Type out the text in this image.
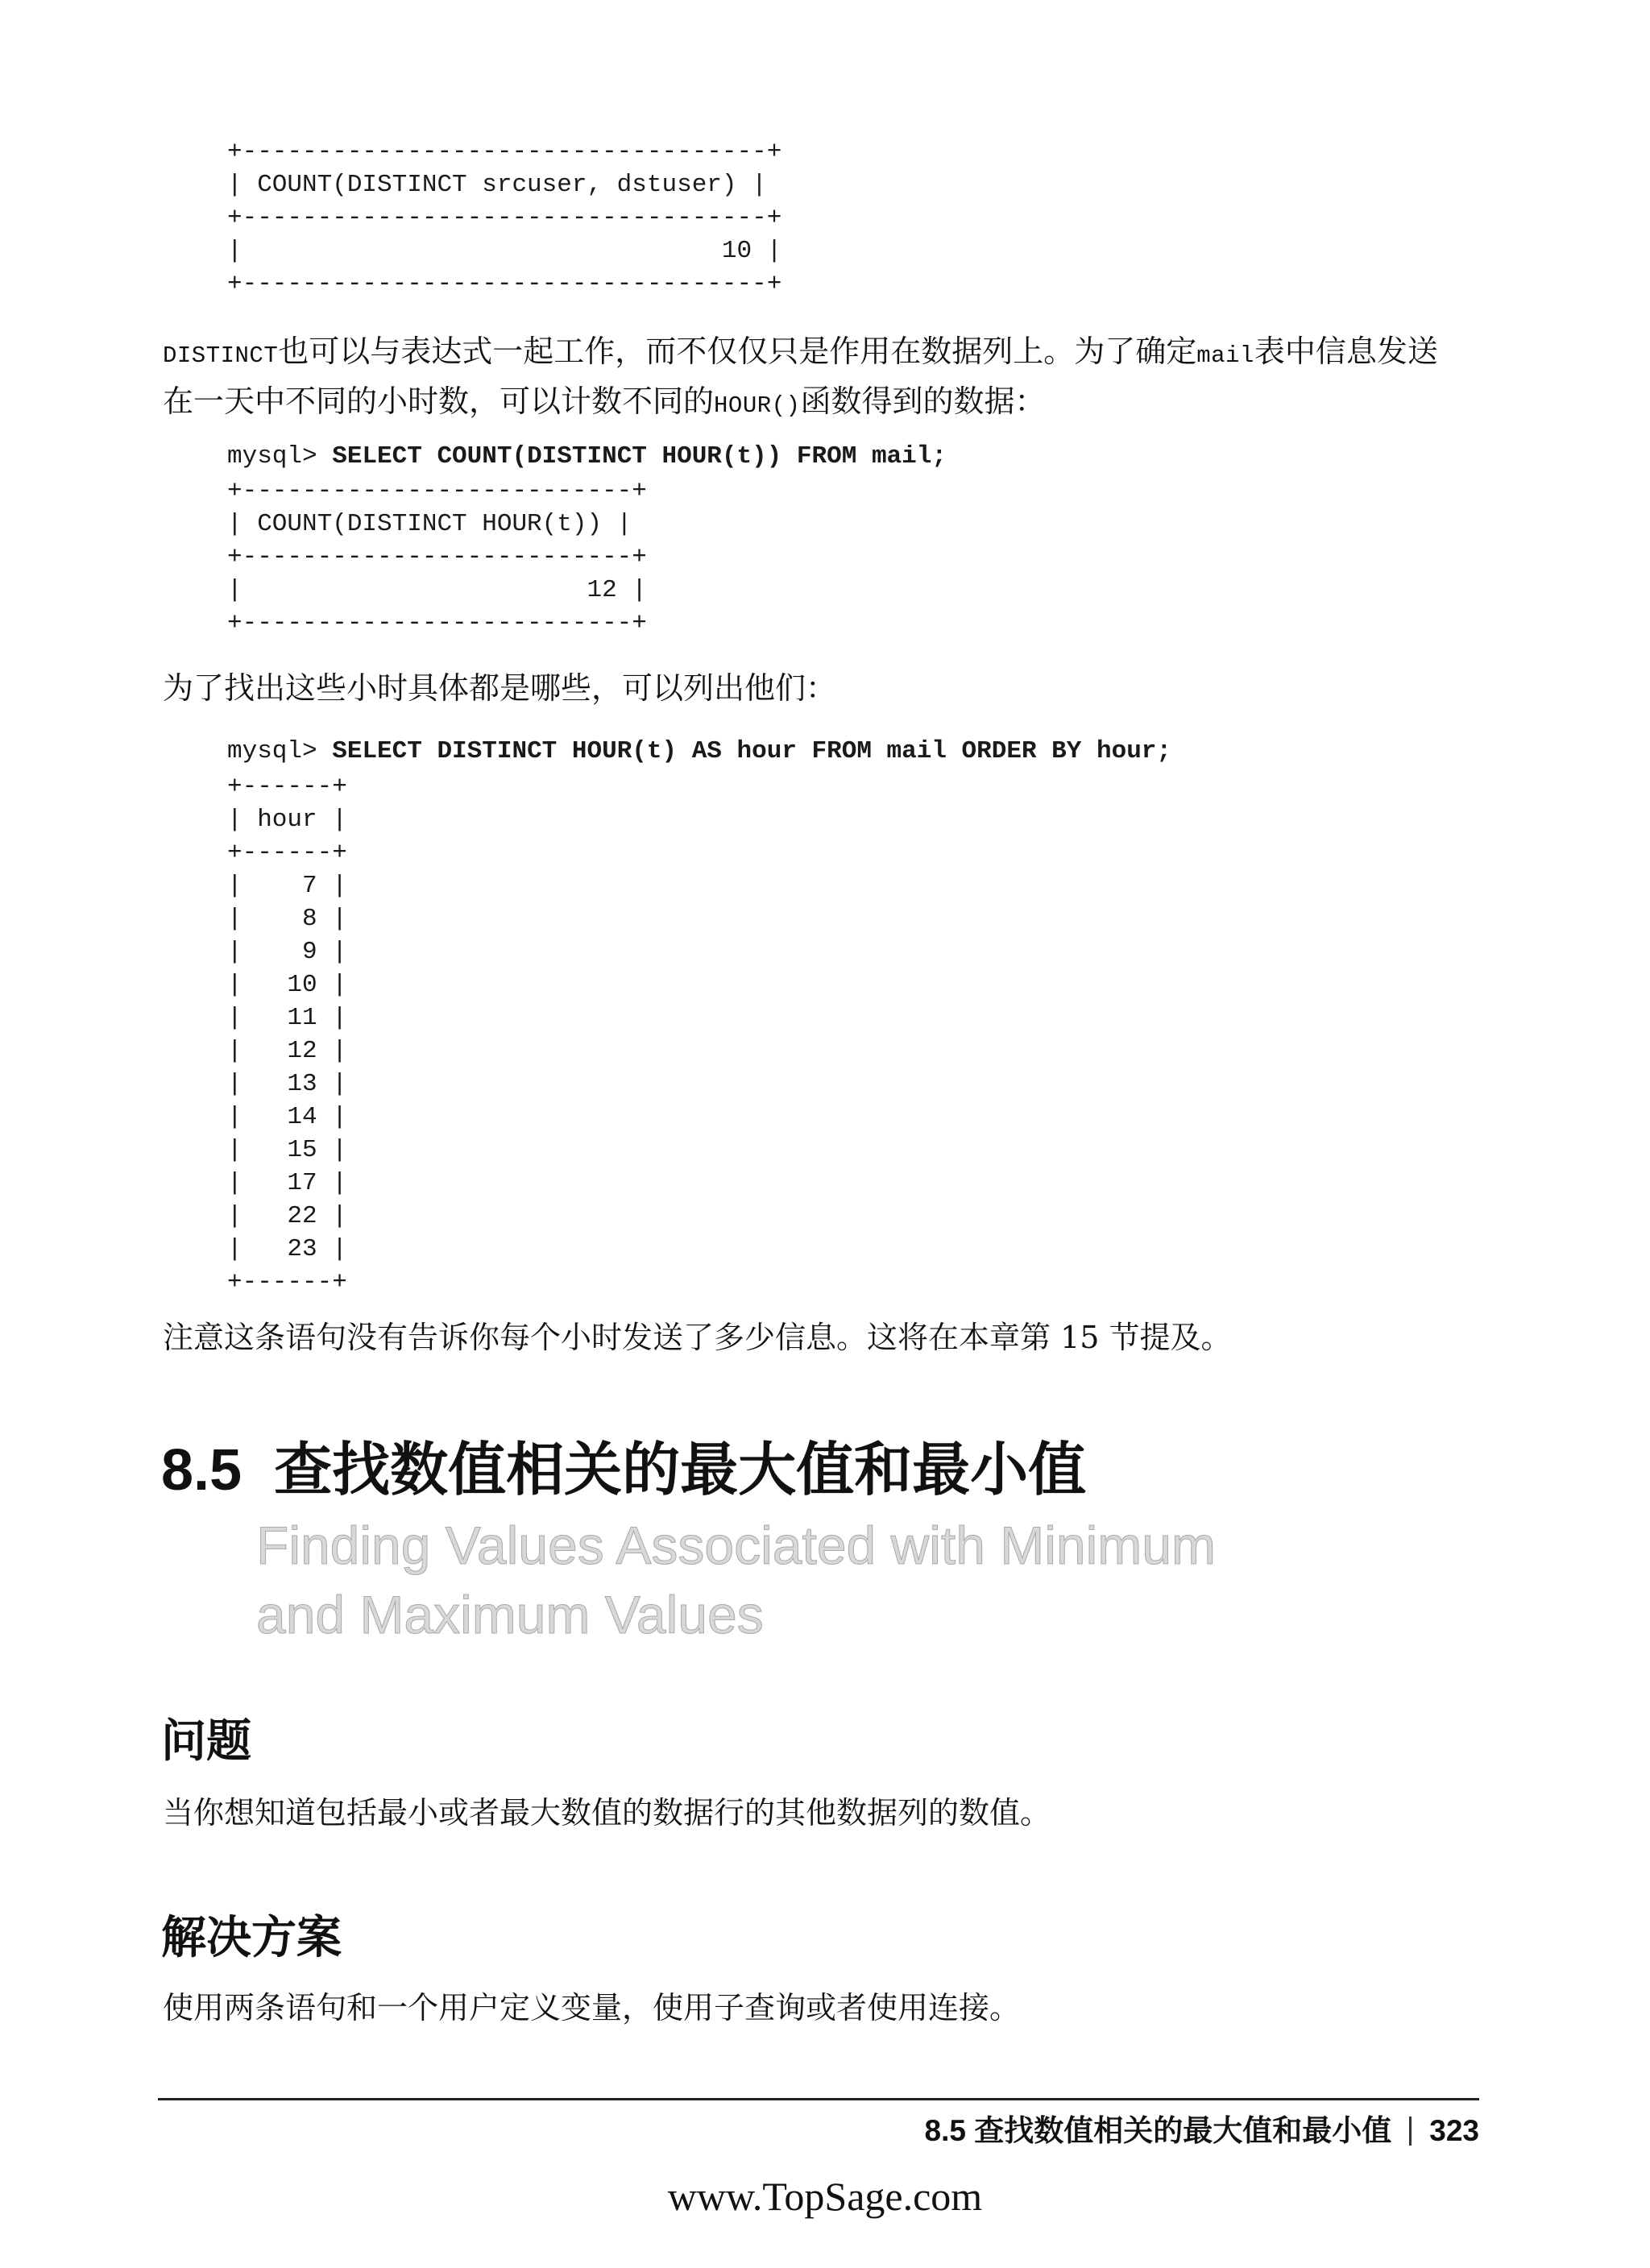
+-----------------------------------+
| COUNT(DISTINCT srcuser, dstuser) |
+-----------------------------------+
|                                10 |
+-----------------------------------+

DISTINCT也可以与表达式一起工作，而不仅仅只是作用在数据列上。为了确定mail表中信息发送在一天中不同的小时数，可以计数不同的HOUR()函数得到的数据：

mysql> SELECT COUNT(DISTINCT HOUR(t)) FROM mail;
+--------------------------+
| COUNT(DISTINCT HOUR(t)) |
+--------------------------+
|                       12 |
+--------------------------+

为了找出这些小时具体都是哪些，可以列出他们：

mysql> SELECT DISTINCT HOUR(t) AS hour FROM mail ORDER BY hour;
+------+
| hour |
+------+
|    7 |
|    8 |
|    9 |
|   10 |
|   11 |
|   12 |
|   13 |
|   14 |
|   15 |
|   17 |
|   22 |
|   23 |
+------+

注意这条语句没有告诉你每个小时发送了多少信息。这将在本章第 15 节提及。

8.5 查找数值相关的最大值和最小值

Finding Values Associated with Minimum and Maximum Values

问题

当你想知道包括最小或者最大数值的数据行的其他数据列的数值。

解决方案

使用两条语句和一个用户定义变量，使用子查询或者使用连接。

8.5 查找数值相关的最大值和最小值 323
www.TopSage.com
